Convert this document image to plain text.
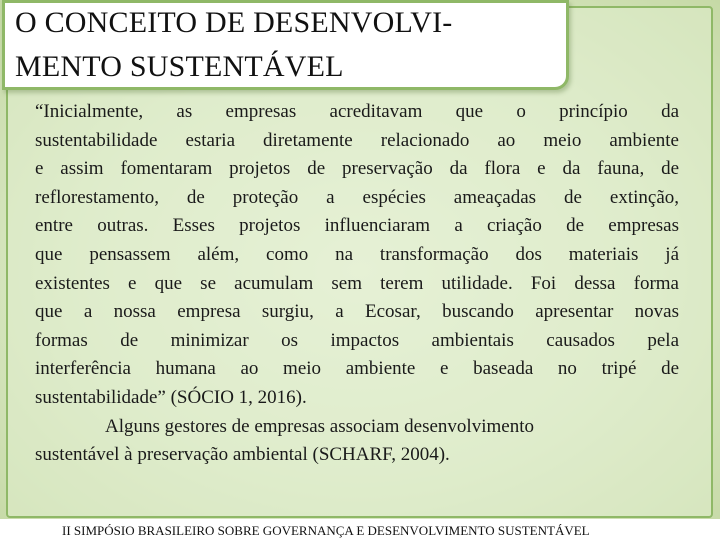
O CONCEITO DE DESENVOLVI-
MENTO SUSTENTÁVEL
“Inicialmente, as empresas acreditavam que o princípio da
sustentabilidade estaria diretamente relacionado ao meio ambiente
e assim fomentaram projetos de preservação da flora e da fauna, de
reflorestamento, de proteção a espécies ameaçadas de extinção,
entre outras. Esses projetos influenciaram a criação de empresas
que pensassem além, como na transformação dos materiais já
existentes e que se acumulam sem terem utilidade. Foi dessa forma
que a nossa empresa surgiu, a Ecosar, buscando apresentar novas
formas de minimizar os impactos ambientais causados pela
interferência humana ao meio ambiente e baseada no tripé de
sustentabilidade” (SÓCIO 1, 2016).
Alguns gestores de empresas associam desenvolvimento
sustentável à preservação ambiental (SCHARF, 2004).
II SIMPÓSIO BRASILEIRO SOBRE GOVERNANÇA E DESENVOLVIMENTO SUSTENTÁVEL
